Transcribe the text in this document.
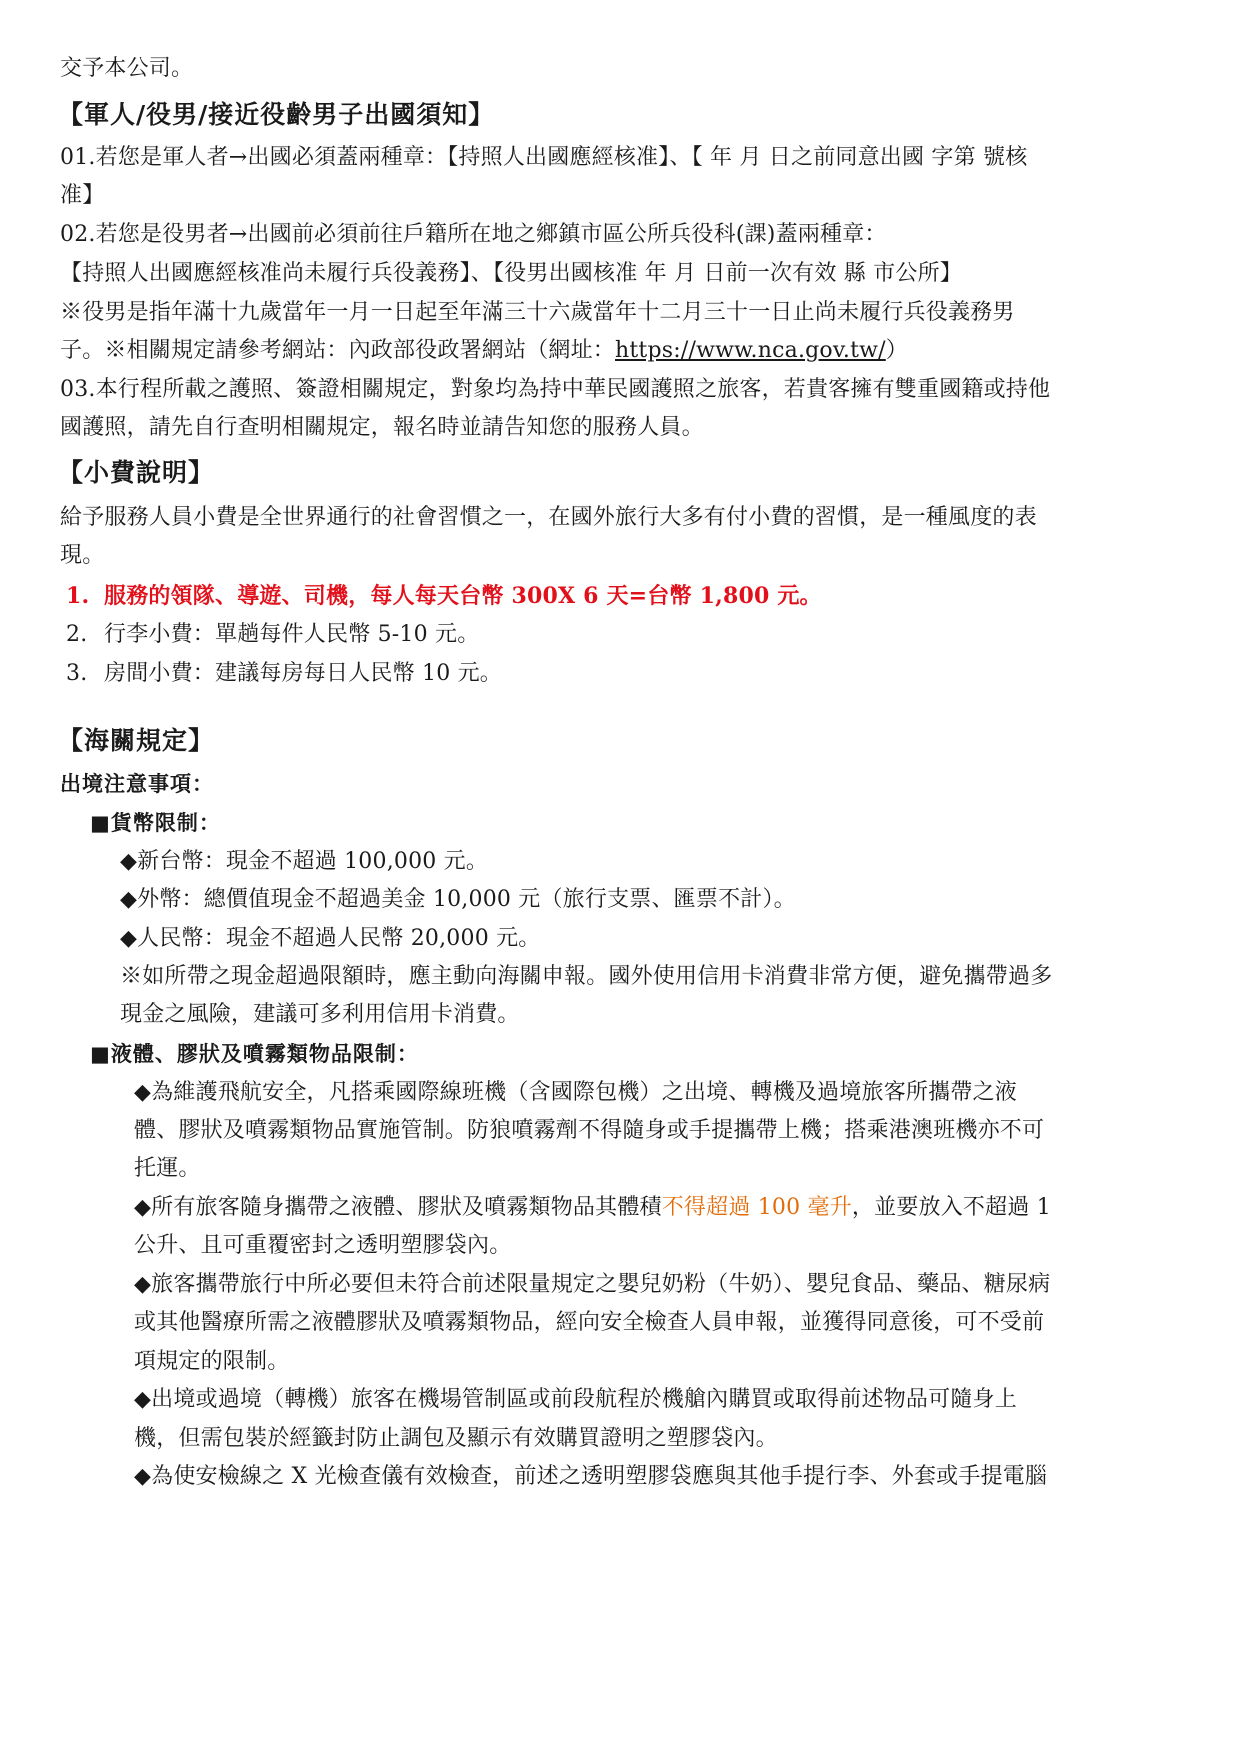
交予本公司。
【軍人/役男/接近役齡男子出國須知】
01.若您是軍人者→出國必須蓋兩種章：【持照人出國應經核准】、【 年 月 日之前同意出國 字第 號核
准】
02.若您是役男者→出國前必須前往戶籍所在地之鄉鎮市區公所兵役科(課)蓋兩種章：
【持照人出國應經核准尚未履行兵役義務】、【役男出國核准 年 月 日前一次有效 縣 市公所】
※役男是指年滿十九歲當年一月一日起至年滿三十六歲當年十二月三十一日止尚未履行兵役義務男
子。※相關規定請參考網站：內政部役政署網站（網址：https://www.nca.gov.tw/）
03.本行程所載之護照、簽證相關規定，對象均為持中華民國護照之旅客，若貴客擁有雙重國籍或持他
國護照，請先自行查明相關規定，報名時並請告知您的服務人員。
【小費說明】
給予服務人員小費是全世界通行的社會習慣之一，在國外旅行大多有付小費的習慣，是一種風度的表
現。
1. 服務的領隊、導遊、司機，每人每天台幣 300X 6 天=台幣 1,800 元。
2. 行李小費：單趟每件人民幣 5-10 元。
3. 房間小費：建議每房每日人民幣 10 元。
【海關規定】
出境注意事項：
■貨幣限制：
◆新台幣：現金不超過 100,000 元。
◆外幣：總價值現金不超過美金 10,000 元（旅行支票、匯票不計）。
◆人民幣：現金不超過人民幣 20,000 元。
※如所帶之現金超過限額時，應主動向海關申報。國外使用信用卡消費非常方便，避免攜帶過多
現金之風險，建議可多利用信用卡消費。
■液體、膠狀及噴霧類物品限制：
◆為維護飛航安全，凡搭乘國際線班機（含國際包機）之出境、轉機及過境旅客所攜帶之液
體、膠狀及噴霧類物品實施管制。防狼噴霧劑不得隨身或手提攜帶上機；搭乘港澳班機亦不可
托運。
◆所有旅客隨身攜帶之液體、膠狀及噴霧類物品其體積不得超過 100 毫升，並要放入不超過 1
公升、且可重覆密封之透明塑膠袋內。
◆旅客攜帶旅行中所必要但未符合前述限量規定之嬰兒奶粉（牛奶）、嬰兒食品、藥品、糖尿病
或其他醫療所需之液體膠狀及噴霧類物品，經向安全檢查人員申報，並獲得同意後，可不受前
項規定的限制。
◆出境或過境（轉機）旅客在機場管制區或前段航程於機艙內購買或取得前述物品可隨身上
機，但需包裝於經籤封防止調包及顯示有效購買證明之塑膠袋內。
◆為使安檢線之 X 光檢查儀有效檢查，前述之透明塑膠袋應與其他手提行李、外套或手提電腦
